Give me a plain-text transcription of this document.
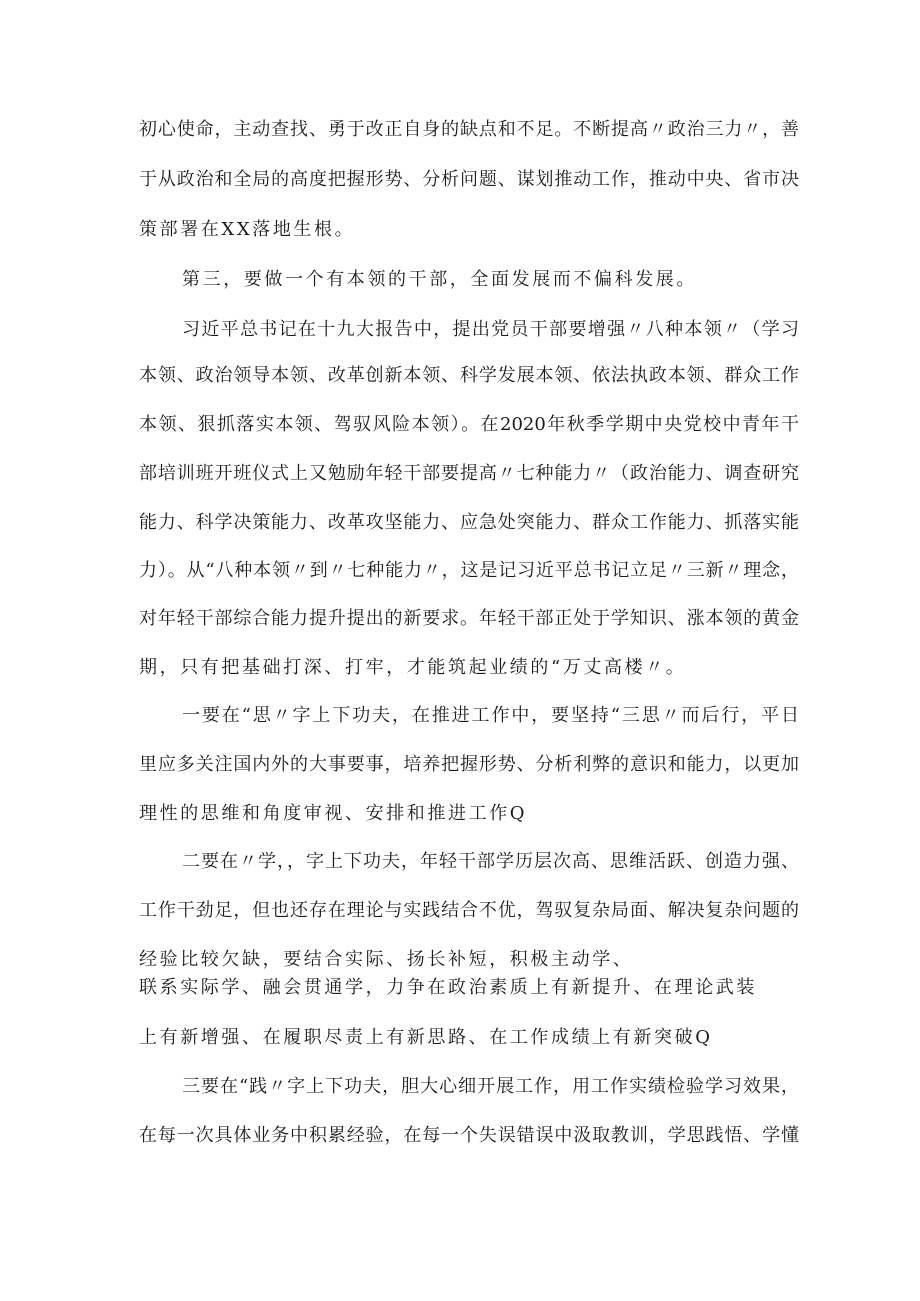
初心使命，主动查找、勇于改正自身的缺点和不足。不断提高〃政治三力〃，善
于从政治和全局的高度把握形势、分析问题、谋划推动工作，推动中央、省市决
策部署在XX落地生根。
第三，要做一个有本领的干部，全面发展而不偏科发展。
习近平总书记在十九大报告中，提出党员干部要增强〃八种本领〃（学习
本领、政治领导本领、改革创新本领、科学发展本领、依法执政本领、群众工作
本领、狠抓落实本领、驾驭风险本领）。在2020年秋季学期中央党校中青年干
部培训班开班仪式上又勉励年轻干部要提高〃七种能力〃（政治能力、调查研究
能力、科学决策能力、改革攻坚能力、应急处突能力、群众工作能力、抓落实能
力）。从“八种本领〃到〃七种能力〃，这是记习近平总书记立足〃三新〃理念，
对年轻干部综合能力提升提出的新要求。年轻干部正处于学知识、涨本领的黄金
期，只有把基础打深、打牢，才能筑起业绩的“万丈高楼〃。
一要在“思〃字上下功夫，在推进工作中，要坚持“三思〃而后行，平日
里应多关注国内外的大事要事，培养把握形势、分析利弊的意识和能力，以更加
理性的思维和角度审视、安排和推进工作Q
二要在〃学，，字上下功夫，年轻干部学历层次高、思维活跃、创造力强、
工作干劲足，但也还存在理论与实践结合不优，驾驭复杂局面、解决复杂问题的
经验比较欠缺，要结合实际、扬长补短，积极主动学、
联系实际学、融会贯通学，力争在政治素质上有新提升、在理论武装
上有新增强、在履职尽责上有新思路、在工作成绩上有新突破Q
三要在“践〃字上下功夫，胆大心细开展工作，用工作实绩检验学习效果，
在每一次具体业务中积累经验，在每一个失误错误中汲取教训，学思践悟、学懂
